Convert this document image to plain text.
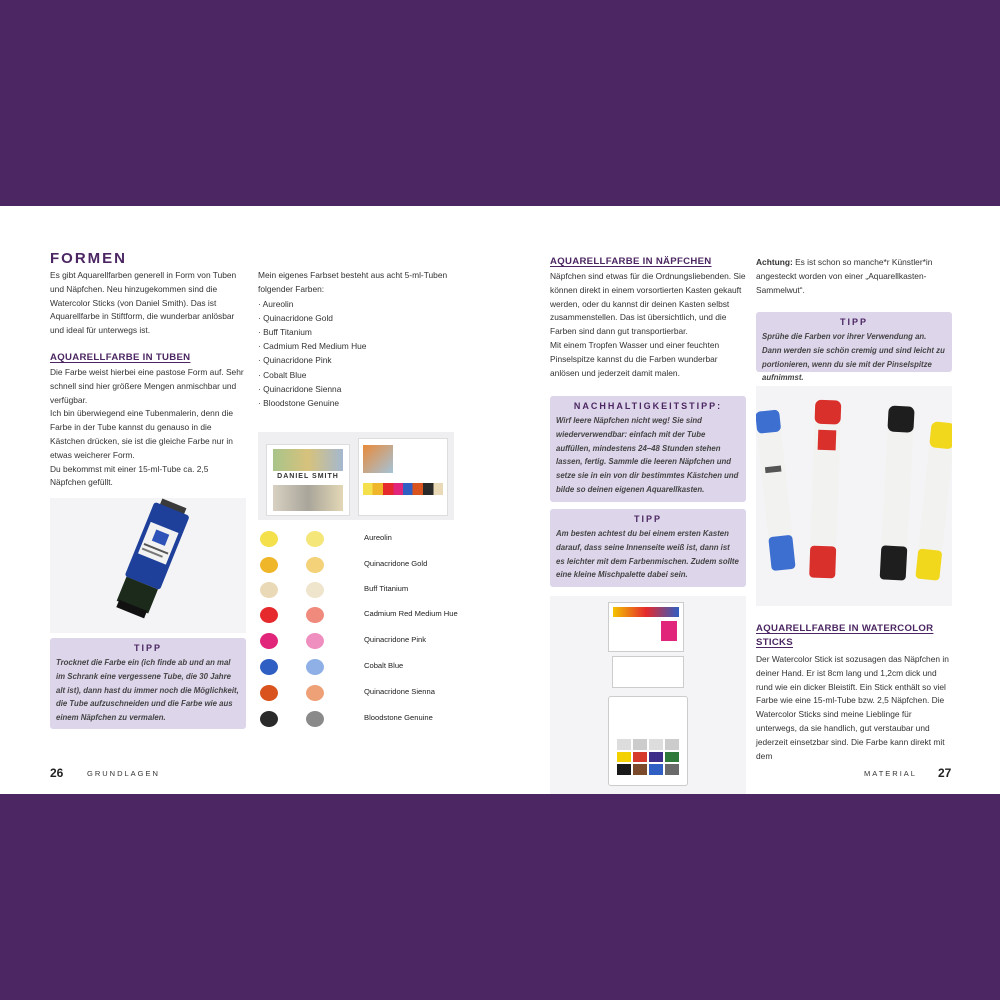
FORMEN

Es gibt Aquarellfarben generell in Form von Tuben und Näpfchen. Neu hinzugekommen sind die Watercolor Sticks (von Daniel Smith). Das ist Aquarellfarbe in Stiftform, die wunderbar anlösbar und ideal für unterwegs ist.

AQUARELLFARBE IN TUBEN

Die Farbe weist hierbei eine pastose Form auf. Sehr schnell sind hier größere Mengen anmischbar und verfügbar.

Ich bin überwiegend eine Tubenmalerin, denn die Farbe in der Tube kannst du genauso in die Kästchen drücken, sie ist die gleiche Farbe nur in etwas weicherer Form.

Du bekommst mit einer 15-ml-Tube ca. 2,5 Näpfchen gefüllt.

TIPP

Trocknet die Farbe ein (ich finde ab und an mal im Schrank eine vergessene Tube, die 30 Jahre alt ist), dann hast du immer noch die Möglichkeit, die Tube aufzuschneiden und die Farbe wie aus einem Näpfchen zu vermalen.

Mein eigenes Farbset besteht aus acht 5-ml-Tuben folgender Farben:

· Aureolin
· Quinacridone Gold
· Buff Titanium
· Cadmium Red Medium Hue
· Quinacridone Pink
· Cobalt Blue
· Quinacridone Sienna
· Bloodstone Genuine
DANIEL SMITH
Aureolin
Quinacridone Gold
Buff Titanium
Cadmium Red Medium Hue
Quinacridone Pink
Cobalt Blue
Quinacridone Sienna
Bloodstone Genuine
26	GRUNDLAGEN
AQUARELLFARBE IN NÄPFCHEN

Näpfchen sind etwas für die Ordnungsliebenden. Sie können direkt in einem vorsortierten Kasten gekauft werden, oder du kannst dir deinen Kasten selbst zusammenstellen. Das ist übersichtlich, und die Farben sind dann gut transportierbar.

Mit einem Tropfen Wasser und einer feuchten Pinselspitze kannst du die Farben wunderbar anlösen und jederzeit damit malen.

NACHHALTIGKEITSTIPP:

Wirf leere Näpfchen nicht weg! Sie sind wiederverwendbar: einfach mit der Tube auffüllen, mindestens 24–48 Stunden stehen lassen, fertig. Sammle die leeren Näpfchen und setze sie in ein von dir bestimmtes Kästchen und bilde so deinen eigenen Aquarellkasten.

TIPP

Am besten achtest du bei einem ersten Kasten darauf, dass seine Innenseite weiß ist, dann ist es leichter mit dem Farbenmischen. Zudem sollte eine kleine Mischpalette dabei sein.

Achtung: Es ist schon so manche*r Künstler*in angesteckt worden von einer „Aquarellkasten-Sammelwut“.

TIPP

Sprühe die Farben vor ihrer Verwendung an. Dann werden sie schön cremig und sind leicht zu portionieren, wenn du sie mit der Pinselspitze aufnimmst.

AQUARELLFARBE IN WATERCOLOR STICKS

Der Watercolor Stick ist sozusagen das Näpfchen in deiner Hand. Er ist 8cm lang und 1,2cm dick und rund wie ein dicker Bleistift. Ein Stick enthält so viel Farbe wie eine 15-ml-Tube bzw. 2,5 Näpfchen. Die Watercolor Sticks sind meine Lieblinge für unterwegs, da sie handlich, gut verstaubar und jederzeit einsetzbar sind. Die Farbe kann direkt mit dem

MATERIAL 27
